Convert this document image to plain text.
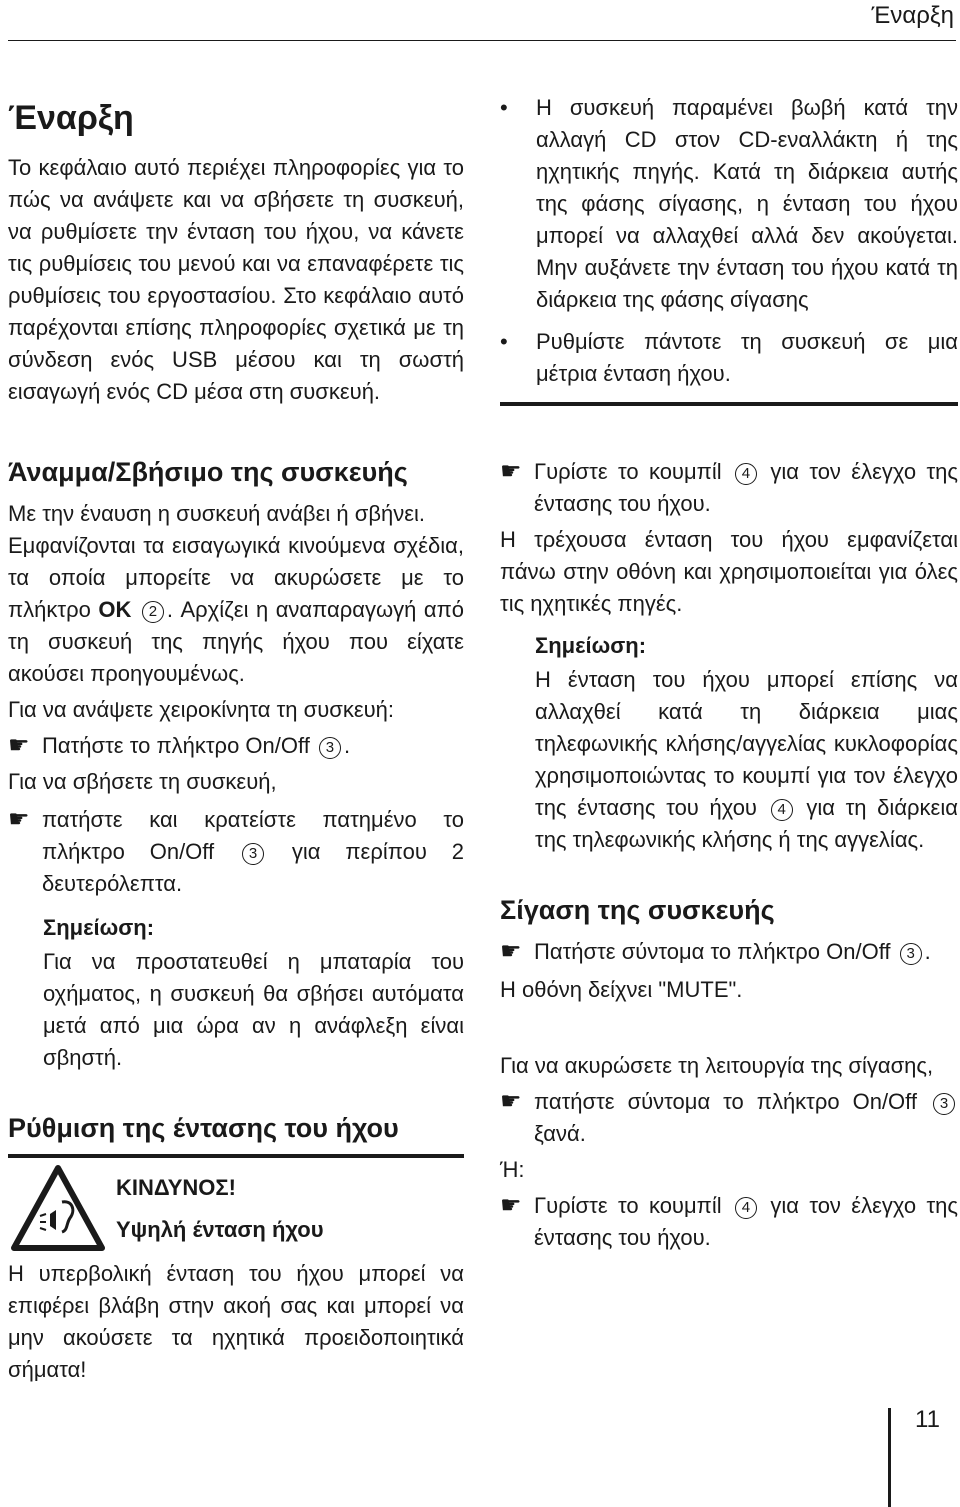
Έναρξη
Έναρξη

Το κεφάλαιο αυτό περιέχει πληροφορίες για το πώς να ανάψετε και να σβήσετε τη συσκευή, να ρυθμίσετε την ένταση του ήχου, να κάνετε τις ρυθμίσεις του μενού και να επαναφέρετε τις ρυθμίσεις του εργοστασίου. Στο κεφάλαιο αυτό παρέχονται επίσης πληροφορίες σχετικά με τη σύνδεση ενός USB μέσου και τη σωστή εισαγωγή ενός CD μέσα στη συσκευή.

Άναμμα/Σβήσιμο της συσκευής

Με την έναυση η συσκευή ανάβει ή σβήνει.

Εμφανίζονται τα εισαγωγικά κινούμενα σχέδια, τα οποία μπορείτε να ακυρώσετε με το πλήκτρο OK 2 . Αρχίζει η αναπαραγωγή από τη συσκευή της πηγής ήχου που είχατε ακούσει προηγουμένως.

Για να ανάψετε χειροκίνητα τη συσκευή:

☛ Πατήστε το πλήκτρο On/Off 3 .

Για να σβήσετε τη συσκευή,

☛ πατήστε και κρατείστε πατημένο το πλήκτρο On/Off 3 για περίπου 2 δευτερόλεπτα.
Σημείωση:

Για να προστατευθεί η μπαταρία του οχήματος, η συσκευή θα σβήσει αυτόματα μετά από μια ώρα αν η ανάφλεξη είναι σβηστή.

Ρύθμιση της έντασης του ήχου
ΚΙΝΔΥΝΟΣ!
Υψηλή ένταση ήχου

Η υπερβολική ένταση του ήχου μπορεί να επιφέρει βλάβη στην ακοή σας και μπορεί να μην ακούσετε τα ηχητικά προειδοποιητικά σήματα!

•	Η συσκευή παραμένει βωβή κατά την αλλαγή CD στον CD-εναλλάκτη ή της ηχητικής πηγής. Κατά τη διάρκεια αυτής της φάσης σίγασης, η ένταση του ήχου μπορεί να αλλαχθεί αλλά δεν ακούγεται. Μην αυξάνετε την ένταση του ήχου κατά τη διάρκεια της φάσης σίγασης
•	Ρυθμίστε πάντοτε τη συσκευή σε μια μέτρια ένταση ήχου.
☛ Γυρίστε το κουμπίl 4 για τον έλεγχο της έντασης του ήχου.

Η τρέχουσα ένταση του ήχου εμφανίζεται πάνω στην οθόνη και χρησιμοποιείται για όλες τις ηχητικές πηγές.

Σημείωση:

Η ένταση του ήχου μπορεί επίσης να αλλαχθεί κατά τη διάρκεια μιας τηλεφωνικής κλήσης/αγγελίας κυκλοφορίας χρησιμοποιώντας το κουμπί για τον έλεγχο της έντασης του ήχου 4 για τη διάρκεια της τηλεφωνικής κλήσης ή της αγγελίας.

Σίγαση της συσκευής
☛ Πατήστε σύντομα το πλήκτρο On/Off 3 .

Η οθόνη δείχνει "MUTE".

Για να ακυρώσετε τη λειτουργία της σίγασης,

☛ πατήστε σύντομα το πλήκτρο On/Off 3 ξανά.

Ή:

☛ Γυρίστε το κουμπίl 4 για τον έλεγχο της έντασης του ήχου.
11
